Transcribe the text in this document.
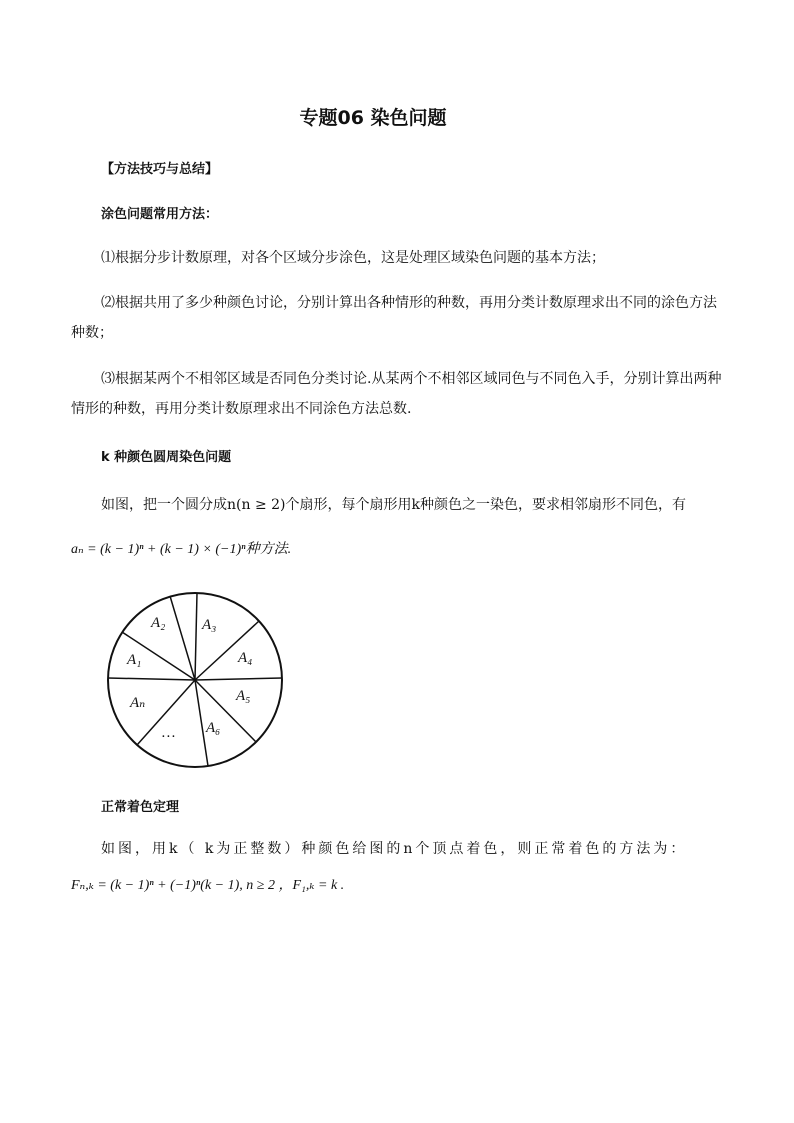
专题06 染色问题
【方法技巧与总结】
涂色问题常用方法：
⑴根据分步计数原理，对各个区域分步涂色，这是处理区域染色问题的基本方法；
⑵根据共用了多少种颜色讨论，分别计算出各种情形的种数，再用分类计数原理求出不同的涂色方法种数；
⑶根据某两个不相邻区域是否同色分类讨论.从某两个不相邻区域同色与不同色入手，分别计算出两种情形的种数，再用分类计数原理求出不同涂色方法总数.
k 种颜色圆周染色问题
如图，把一个圆分成n(n ≥ 2)个扇形，每个扇形用k种颜色之一染色，要求相邻扇形不同色，有
aₙ = (k − 1)ⁿ + (k − 1) × (−1)ⁿ种方法.
A₂ A₃
A₁	A₄
Aₙ	A₅
… A₆
正常着色定理
如图，用k（ k为正整数）种颜色给图的n个顶点着色，则正常着色的方法为：
Fₙ,ₖ = (k − 1)ⁿ + (−1)ⁿ(k − 1), n ≥ 2 ，F₁,ₖ = k .
